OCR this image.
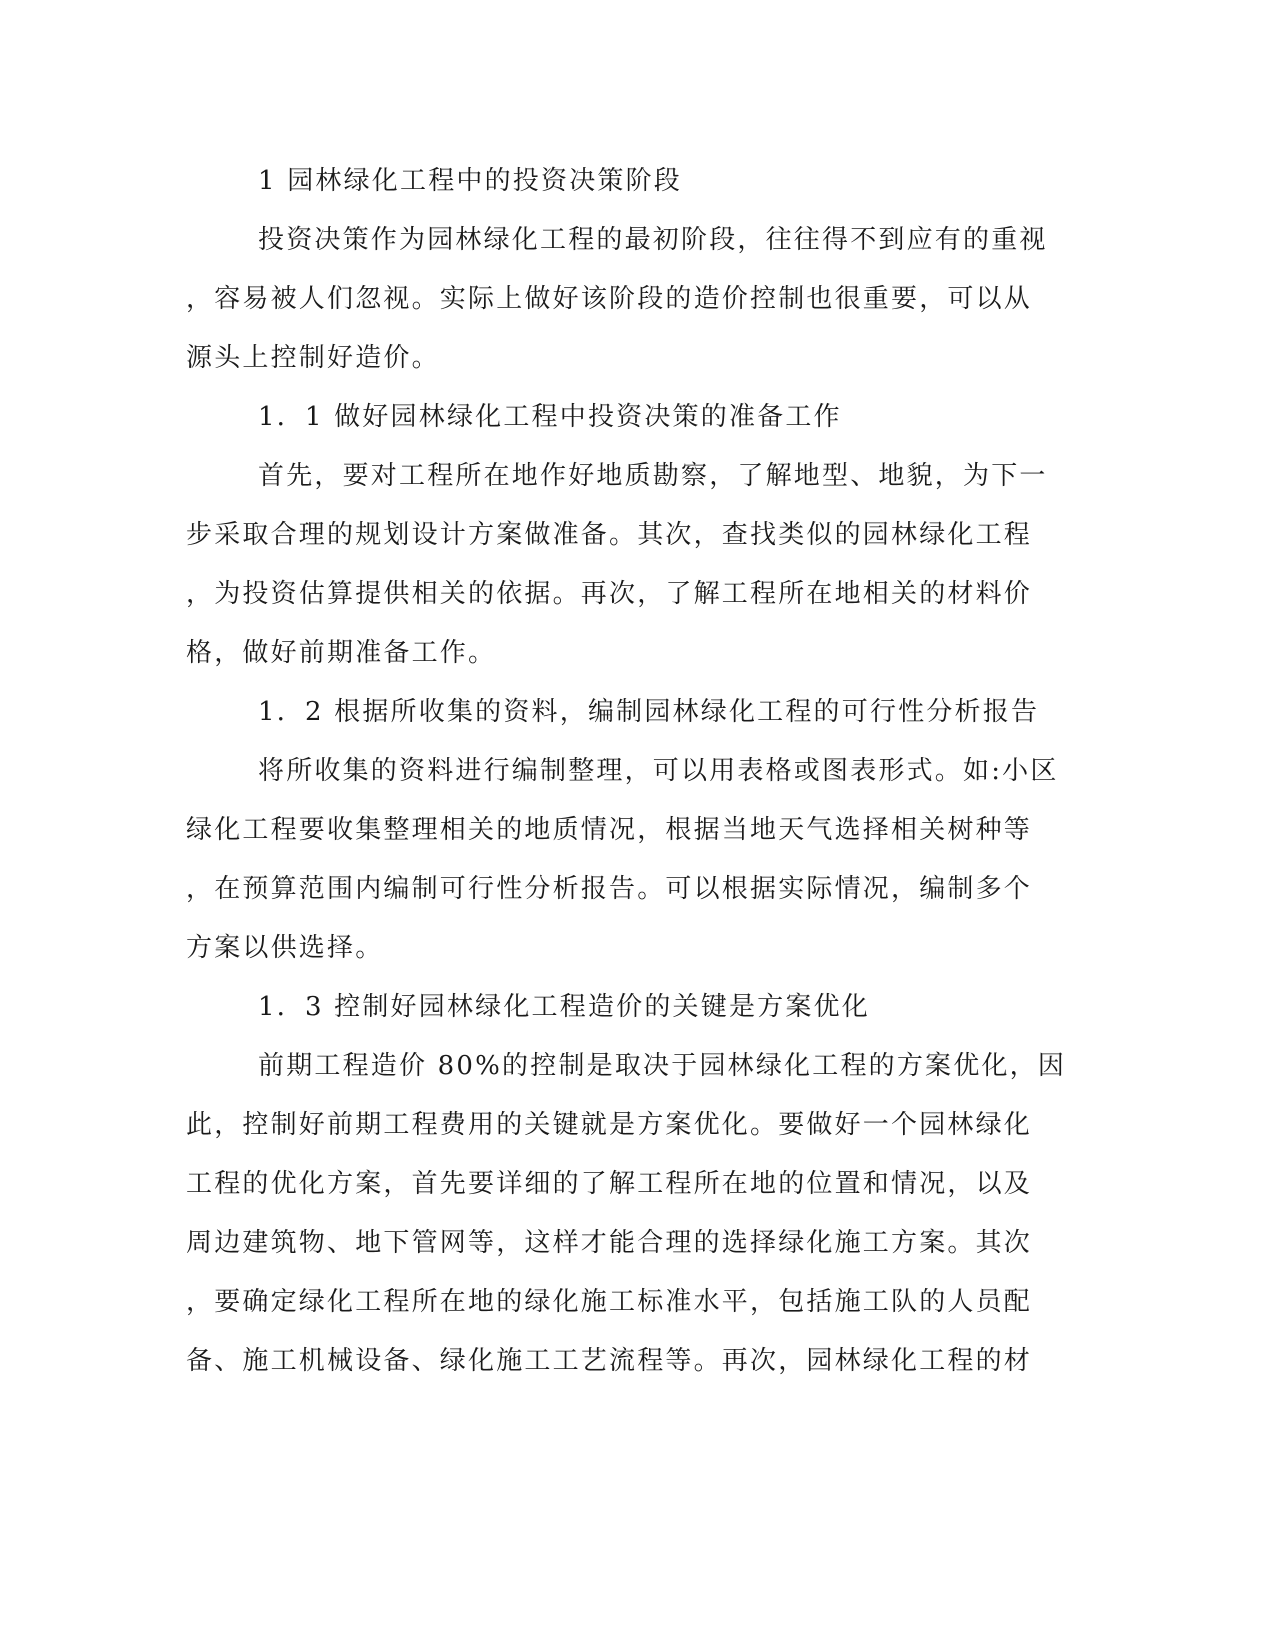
1 园林绿化工程中的投资决策阶段
投资决策作为园林绿化工程的最初阶段，往往得不到应有的重视
，容易被人们忽视。实际上做好该阶段的造价控制也很重要，可以从
源头上控制好造价。
1．1 做好园林绿化工程中投资决策的准备工作
首先，要对工程所在地作好地质勘察，了解地型、地貌，为下一
步采取合理的规划设计方案做准备。其次，查找类似的园林绿化工程
，为投资估算提供相关的依据。再次，了解工程所在地相关的材料价
格，做好前期准备工作。
1．2 根据所收集的资料，编制园林绿化工程的可行性分析报告
将所收集的资料进行编制整理，可以用表格或图表形式。如:小区
绿化工程要收集整理相关的地质情况，根据当地天气选择相关树种等
，在预算范围内编制可行性分析报告。可以根据实际情况，编制多个
方案以供选择。
1．3 控制好园林绿化工程造价的关键是方案优化
前期工程造价 80%的控制是取决于园林绿化工程的方案优化，因
此，控制好前期工程费用的关键就是方案优化。要做好一个园林绿化
工程的优化方案，首先要详细的了解工程所在地的位置和情况，以及
周边建筑物、地下管网等，这样才能合理的选择绿化施工方案。其次
，要确定绿化工程所在地的绿化施工标准水平，包括施工队的人员配
备、施工机械设备、绿化施工工艺流程等。再次，园林绿化工程的材
